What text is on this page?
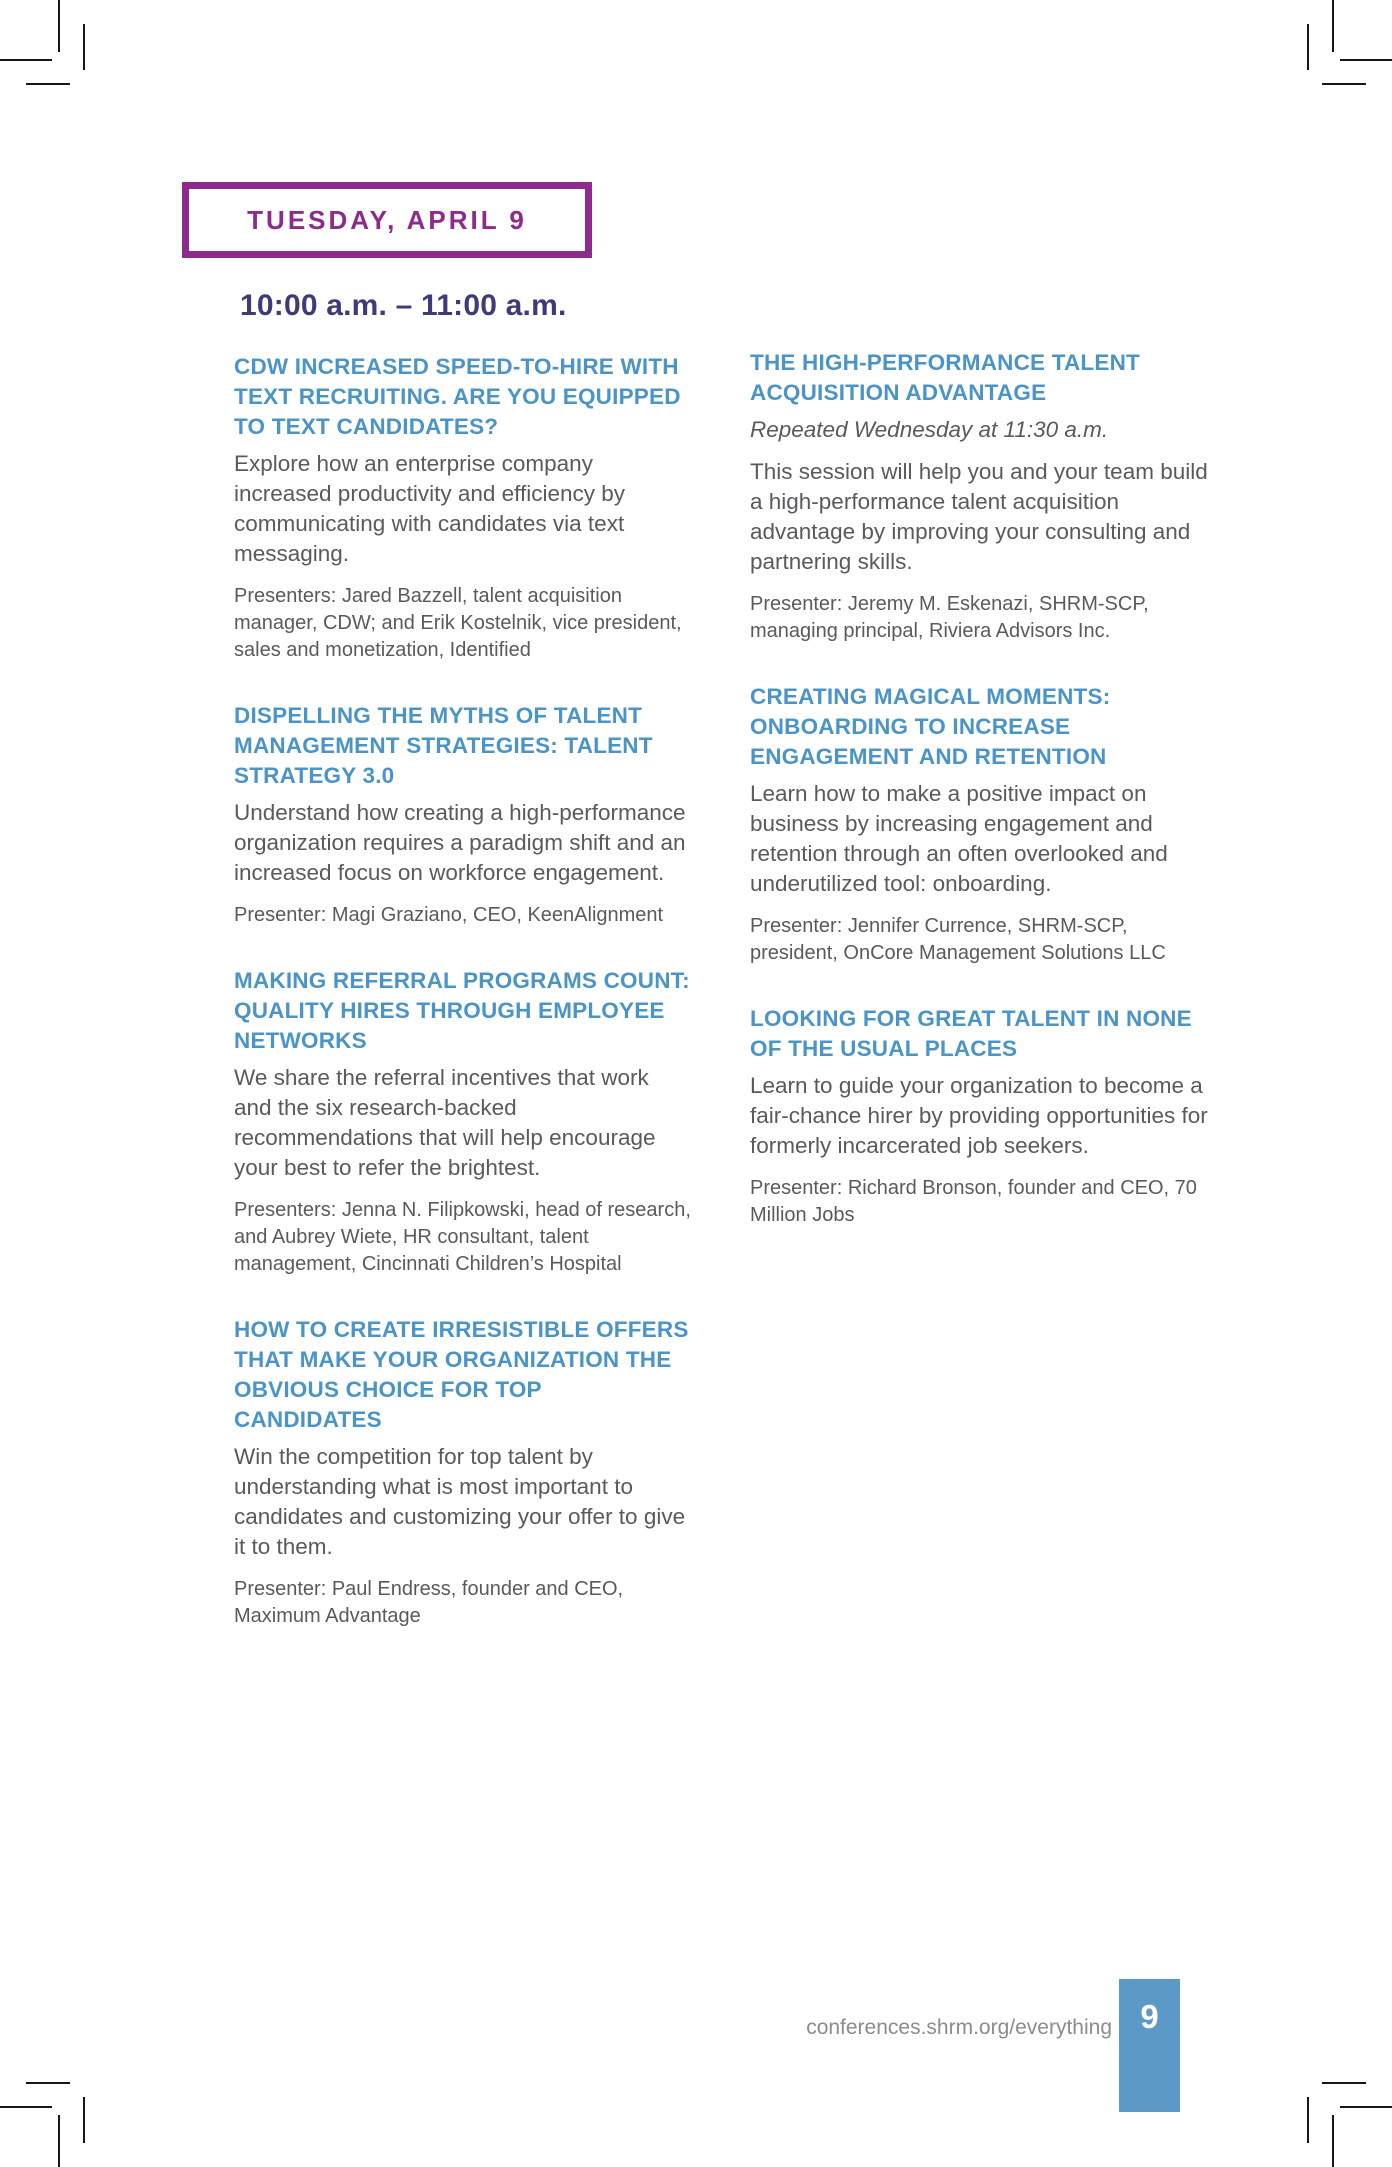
TUESDAY, APRIL 9
10:00 a.m. – 11:00 a.m.
CDW INCREASED SPEED-TO-HIRE WITH TEXT RECRUITING. ARE YOU EQUIPPED TO TEXT CANDIDATES?

Explore how an enterprise company increased productivity and efficiency by communicating with candidates via text messaging.

Presenters: Jared Bazzell, talent acquisition manager, CDW; and Erik Kostelnik, vice president, sales and monetization, Identified

DISPELLING THE MYTHS OF TALENT MANAGEMENT STRATEGIES: TALENT STRATEGY 3.0

Understand how creating a high-performance organization requires a paradigm shift and an increased focus on workforce engagement.

Presenter: Magi Graziano, CEO, KeenAlignment

MAKING REFERRAL PROGRAMS COUNT: QUALITY HIRES THROUGH EMPLOYEE NETWORKS

We share the referral incentives that work and the six research-backed recommendations that will help encourage your best to refer the brightest.

Presenters: Jenna N. Filipkowski, head of research, and Aubrey Wiete, HR consultant, talent management, Cincinnati Children’s Hospital

HOW TO CREATE IRRESISTIBLE OFFERS THAT MAKE YOUR ORGANIZATION THE OBVIOUS CHOICE FOR TOP CANDIDATES

Win the competition for top talent by understanding what is most important to candidates and customizing your offer to give it to them.

Presenter: Paul Endress, founder and CEO, Maximum Advantage

THE HIGH-PERFORMANCE TALENT ACQUISITION ADVANTAGE

Repeated Wednesday at 11:30 a.m.

This session will help you and your team build a high-performance talent acquisition advantage by improving your consulting and partnering skills.

Presenter: Jeremy M. Eskenazi, SHRM-SCP, managing principal, Riviera Advisors Inc.

CREATING MAGICAL MOMENTS: ONBOARDING TO INCREASE ENGAGEMENT AND RETENTION

Learn how to make a positive impact on business by increasing engagement and retention through an often overlooked and underutilized tool: onboarding.

Presenter: Jennifer Currence, SHRM-SCP, president, OnCore Management Solutions LLC

LOOKING FOR GREAT TALENT IN NONE OF THE USUAL PLACES

Learn to guide your organization to become a fair-chance hirer by providing opportunities for formerly incarcerated job seekers.

Presenter: Richard Bronson, founder and CEO, 70 Million Jobs

conferences.shrm.org/everything 9
